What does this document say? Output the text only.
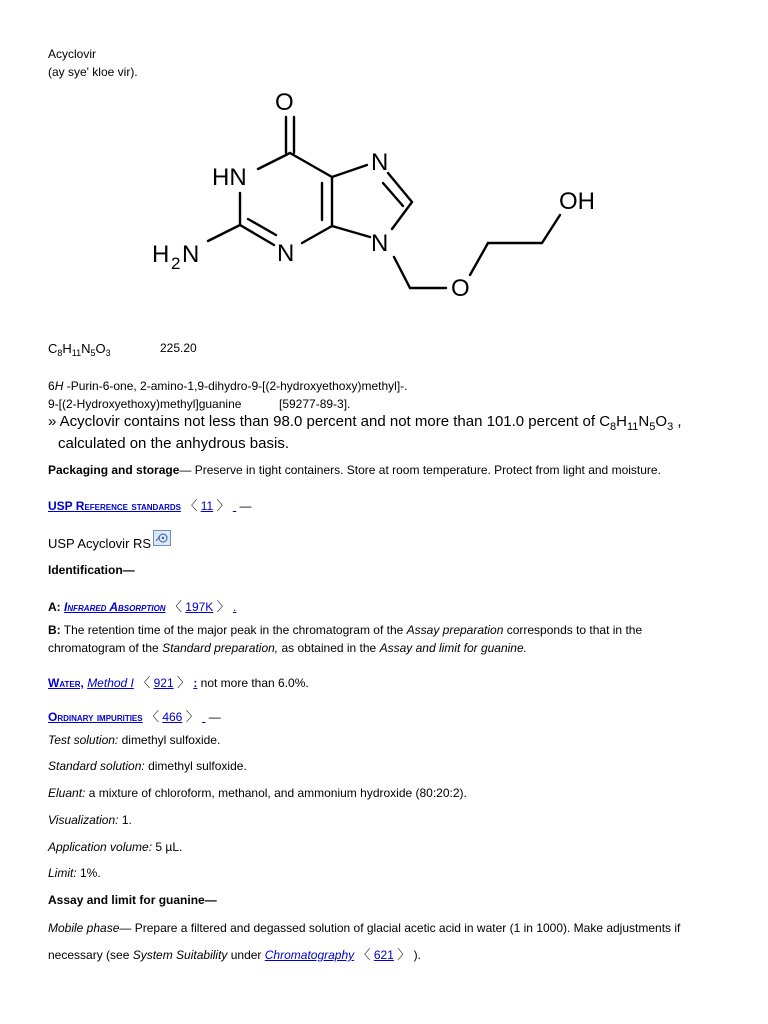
Acyclovir
(ay sye' kloe vir).
O
HN
H 2 N	N
N
N
O
OH
$C_8H_{11}N_5O_3$	225.20
6H -Purin-6-one, 2-amino-1,9-dihydro-9-[(2-hydroxyethoxy)methyl]-.
9-[(2-Hydroxyethoxy)methyl]guanine	[59277-89-3].
» Acyclovir contains not less than 98.0 percent and not more than 101.0 percent of $C_8H_{11}N_5O_3$ ,
calculated on the anhydrous basis.
Packaging and storage— Preserve in tight containers. Store at room temperature. Protect from light and moisture.
USP Reference standards 〈 11 〉   —
USP Acyclovir RS
Identification—
A: Infrared Absorption 〈 197K 〉 .
B: The retention time of the major peak in the chromatogram of the Assay preparation corresponds to that in the
chromatogram of the Standard preparation, as obtained in the Assay and limit for guanine.
Water, Method I 〈 921 〉 : not more than 6.0%.
Ordinary impurities 〈 466 〉   —
Test solution: dimethyl sulfoxide.
Standard solution: dimethyl sulfoxide.
Eluant: a mixture of chloroform, methanol, and ammonium hydroxide (80:20:2).
Visualization: 1.
Application volume: 5 µL.
Limit: 1%.
Assay and limit for guanine—
Mobile phase— Prepare a filtered and degassed solution of glacial acetic acid in water (1 in 1000). Make adjustments if
necessary (see System Suitability under Chromatography 〈 621 〉 ).
